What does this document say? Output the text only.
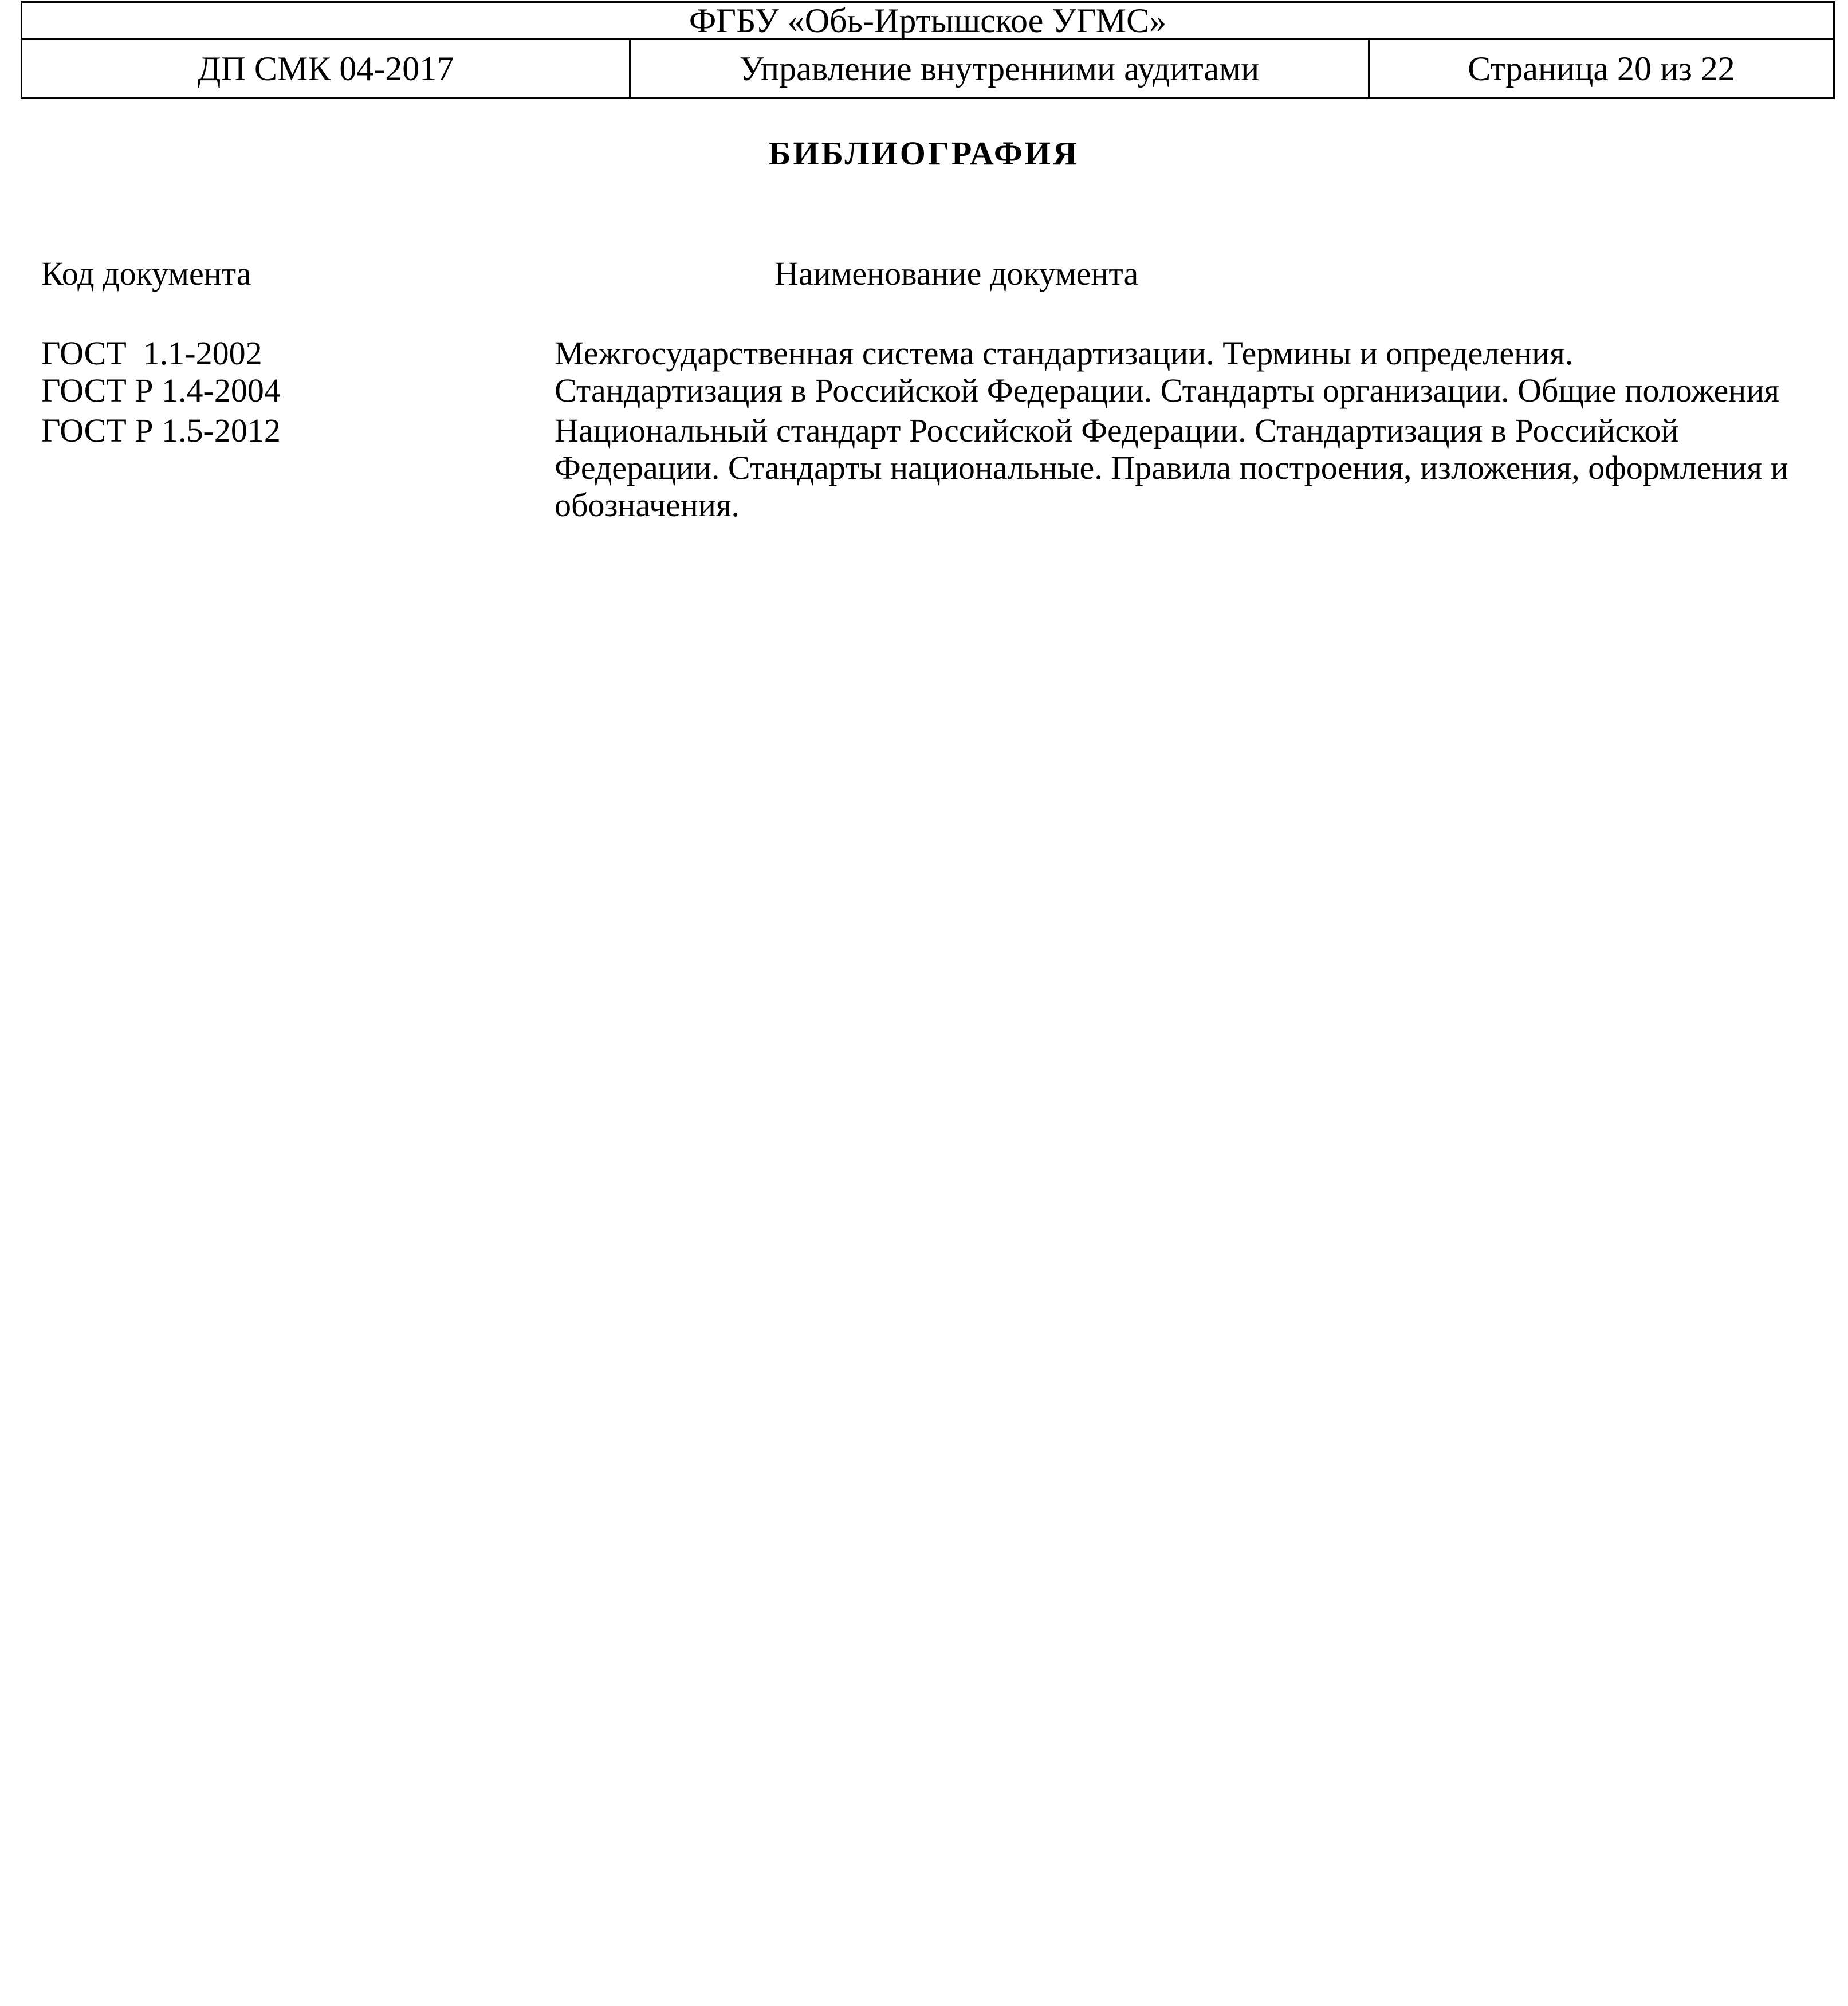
ФГБУ «Обь-Иртышское УГМС»
ДП СМК 04-2017	Управление внутренними аудитами	Страница 20 из 22
БИБЛИОГРАФИЯ
Код документа	Наименование документа
ГОСТ  1.1-2002	Межгосударственная система стандартизации. Термины и определения.
ГОСТ Р 1.4-2004	Стандартизация в Российской Федерации. Стандарты организации. Общие положения
ГОСТ Р 1.5-2012	Национальный стандарт Российской Федерации. Стандартизация в Российской Федерации. Стандарты национальные. Правила построения, изложения, оформления и обозначения.
